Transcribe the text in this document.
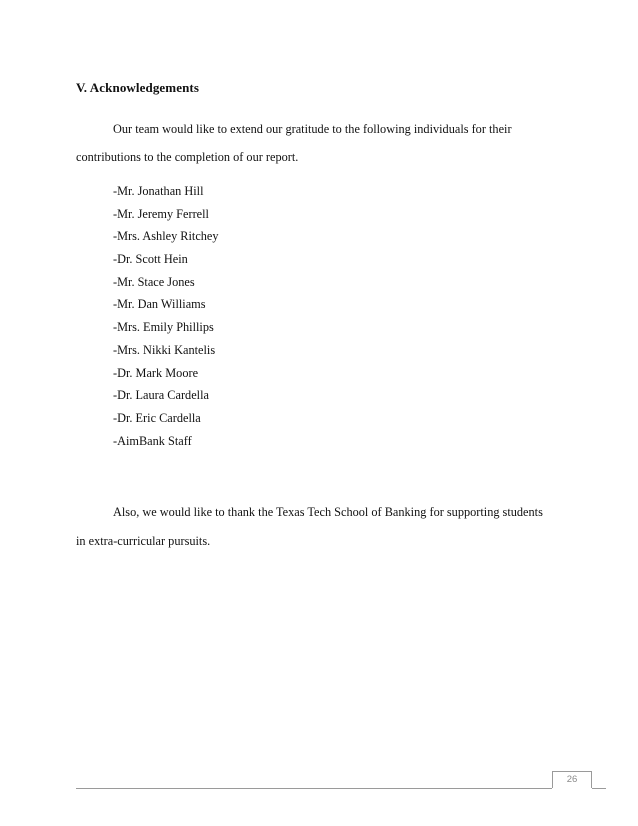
V. Acknowledgements
Our team would like to extend our gratitude to the following individuals for their
contributions to the completion of our report.
-Mr. Jonathan Hill
-Mr. Jeremy Ferrell
-Mrs. Ashley Ritchey
-Dr. Scott Hein
-Mr. Stace Jones
-Mr. Dan Williams
-Mrs. Emily Phillips
-Mrs. Nikki Kantelis
-Dr. Mark Moore
-Dr. Laura Cardella
-Dr. Eric Cardella
-AimBank Staff
Also, we would like to thank the Texas Tech School of Banking for supporting students
in extra-curricular pursuits.
26
